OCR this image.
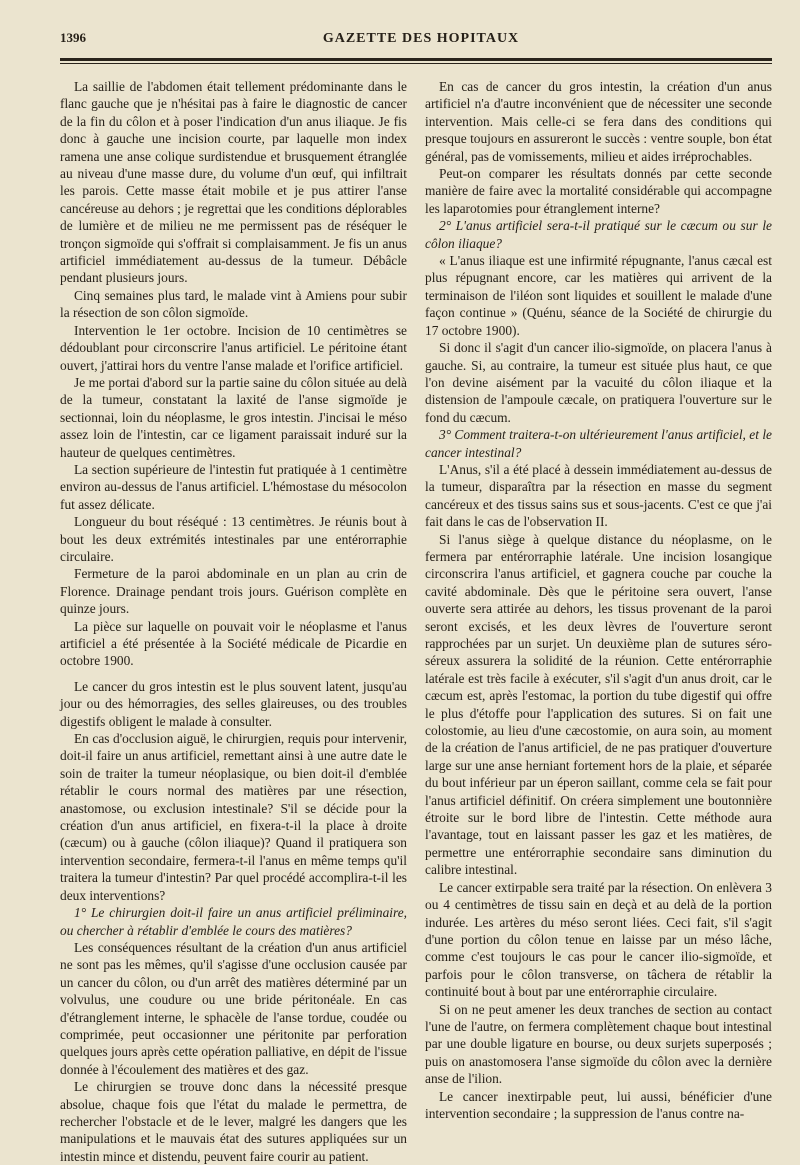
1396	GAZETTE DES HOPITAUX

La saillie de l'abdomen était tellement prédominante dans le flanc gauche que je n'hésitai pas à faire le diagnostic de cancer de la fin du côlon et à poser l'indication d'un anus iliaque. Je fis donc à gauche une incision courte, par laquelle mon index ramena une anse colique surdistendue et brusquement étranglée au niveau d'une masse dure, du volume d'un œuf, qui infiltrait les parois. Cette masse était mobile et je pus attirer l'anse cancéreuse au dehors ; je regrettai que les conditions déplorables de lumière et de milieu ne me permissent pas de réséquer le tronçon sigmoïde qui s'offrait si complaisamment. Je fis un anus artificiel immédiatement au-dessus de la tumeur. Débâcle pendant plusieurs jours.

Cinq semaines plus tard, le malade vint à Amiens pour subir la résection de son côlon sigmoïde.

Intervention le 1er octobre. Incision de 10 centimètres se dédoublant pour circonscrire l'anus artificiel. Le péritoine étant ouvert, j'attirai hors du ventre l'anse malade et l'orifice artificiel.

Je me portai d'abord sur la partie saine du côlon située au delà de la tumeur, constatant la laxité de l'anse sigmoïde je sectionnai, loin du néoplasme, le gros intestin. J'incisai le méso assez loin de l'intestin, car ce ligament paraissait induré sur la hauteur de quelques centimètres.

La section supérieure de l'intestin fut pratiquée à 1 centimètre environ au-dessus de l'anus artificiel. L'hémostase du mésocolon fut assez délicate.

Longueur du bout réséqué : 13 centimètres. Je réunis bout à bout les deux extrémités intestinales par une entérorraphie circulaire.

Fermeture de la paroi abdominale en un plan au crin de Florence. Drainage pendant trois jours. Guérison complète en quinze jours.

La pièce sur laquelle on pouvait voir le néoplasme et l'anus artificiel a été présentée à la Société médicale de Picardie en octobre 1900.

Le cancer du gros intestin est le plus souvent latent, jusqu'au jour ou des hémorragies, des selles glaireuses, ou des troubles digestifs obligent le malade à consulter.

En cas d'occlusion aiguë, le chirurgien, requis pour intervenir, doit-il faire un anus artificiel, remettant ainsi à une autre date le soin de traiter la tumeur néoplasique, ou bien doit-il d'emblée rétablir le cours normal des matières par une résection, anastomose, ou exclusion intestinale? S'il se décide pour la création d'un anus artificiel, en fixera-t-il la place à droite (cæcum) ou à gauche (côlon iliaque)? Quand il pratiquera son intervention secondaire, fermera-t-il l'anus en même temps qu'il traitera la tumeur d'intestin? Par quel procédé accomplira-t-il les deux interventions?

1° Le chirurgien doit-il faire un anus artificiel préliminaire, ou chercher à rétablir d'emblée le cours des matières?

Les conséquences résultant de la création d'un anus artificiel ne sont pas les mêmes, qu'il s'agisse d'une occlusion causée par un cancer du côlon, ou d'un arrêt des matières déterminé par un volvulus, une coudure ou une bride péritonéale. En cas d'étranglement interne, le sphacèle de l'anse tordue, coudée ou comprimée, peut occasionner une péritonite par perforation quelques jours après cette opération palliative, en dépit de l'issue donnée à l'écoulement des matières et des gaz.

Le chirurgien se trouve donc dans la nécessité presque absolue, chaque fois que l'état du malade le permettra, de rechercher l'obstacle et de le lever, malgré les dangers que les manipulations et le mauvais état des sutures appliquées sur un intestin mince et distendu, peuvent faire courir au patient.

En cas de cancer du gros intestin, la création d'un anus artificiel n'a d'autre inconvénient que de nécessiter une seconde intervention. Mais celle-ci se fera dans des conditions qui presque toujours en assureront le succès : ventre souple, bon état général, pas de vomissements, milieu et aides irréprochables.

Peut-on comparer les résultats donnés par cette seconde manière de faire avec la mortalité considérable qui accompagne les laparotomies pour étranglement interne?

2° L'anus artificiel sera-t-il pratiqué sur le cæcum ou sur le côlon iliaque?

« L'anus iliaque est une infirmité répugnante, l'anus cæcal est plus répugnant encore, car les matières qui arrivent de la terminaison de l'iléon sont liquides et souillent le malade d'une façon continue » (Quénu, séance de la Société de chirurgie du 17 octobre 1900).

Si donc il s'agit d'un cancer ilio-sigmoïde, on placera l'anus à gauche. Si, au contraire, la tumeur est située plus haut, ce que l'on devine aisément par la vacuité du côlon iliaque et la distension de l'ampoule cæcale, on pratiquera l'ouverture sur le fond du cæcum.

3° Comment traitera-t-on ultérieurement l'anus artificiel, et le cancer intestinal?

L'Anus, s'il a été placé à dessein immédiatement au-dessus de la tumeur, disparaîtra par la résection en masse du segment cancéreux et des tissus sains sus et sous-jacents. C'est ce que j'ai fait dans le cas de l'observation II.

Si l'anus siège à quelque distance du néoplasme, on le fermera par entérorraphie latérale. Une incision losangique circonscrira l'anus artificiel, et gagnera couche par couche la cavité abdominale. Dès que le péritoine sera ouvert, l'anse ouverte sera attirée au dehors, les tissus provenant de la paroi seront excisés, et les deux lèvres de l'ouverture seront rapprochées par un surjet. Un deuxième plan de sutures séro-séreux assurera la solidité de la réunion. Cette entérorraphie latérale est très facile à exécuter, s'il s'agit d'un anus droit, car le cæcum est, après l'estomac, la portion du tube digestif qui offre le plus d'étoffe pour l'application des sutures. Si on fait une colostomie, au lieu d'une cæcostomie, on aura soin, au moment de la création de l'anus artificiel, de ne pas pratiquer d'ouverture large sur une anse herniant fortement hors de la plaie, et séparée du bout inférieur par un éperon saillant, comme cela se fait pour l'anus artificiel définitif. On créera simplement une boutonnière étroite sur le bord libre de l'intestin. Cette méthode aura l'avantage, tout en laissant passer les gaz et les matières, de permettre une entérorraphie secondaire sans diminution du calibre intestinal.

Le cancer extirpable sera traité par la résection. On enlèvera 3 ou 4 centimètres de tissu sain en deçà et au delà de la portion indurée. Les artères du méso seront liées. Ceci fait, s'il s'agit d'une portion du côlon tenue en laisse par un méso lâche, comme c'est toujours le cas pour le cancer ilio-sigmoïde, et parfois pour le côlon transverse, on tâchera de rétablir la continuité bout à bout par une entérorraphie circulaire.

Si on ne peut amener les deux tranches de section au contact l'une de l'autre, on fermera complètement chaque bout intestinal par une double ligature en bourse, ou deux surjets superposés ; puis on anastomosera l'anse sigmoïde du côlon avec la dernière anse de l'ilion.

Le cancer inextirpable peut, lui aussi, bénéficier d'une intervention secondaire ; la suppression de l'anus contre na-
